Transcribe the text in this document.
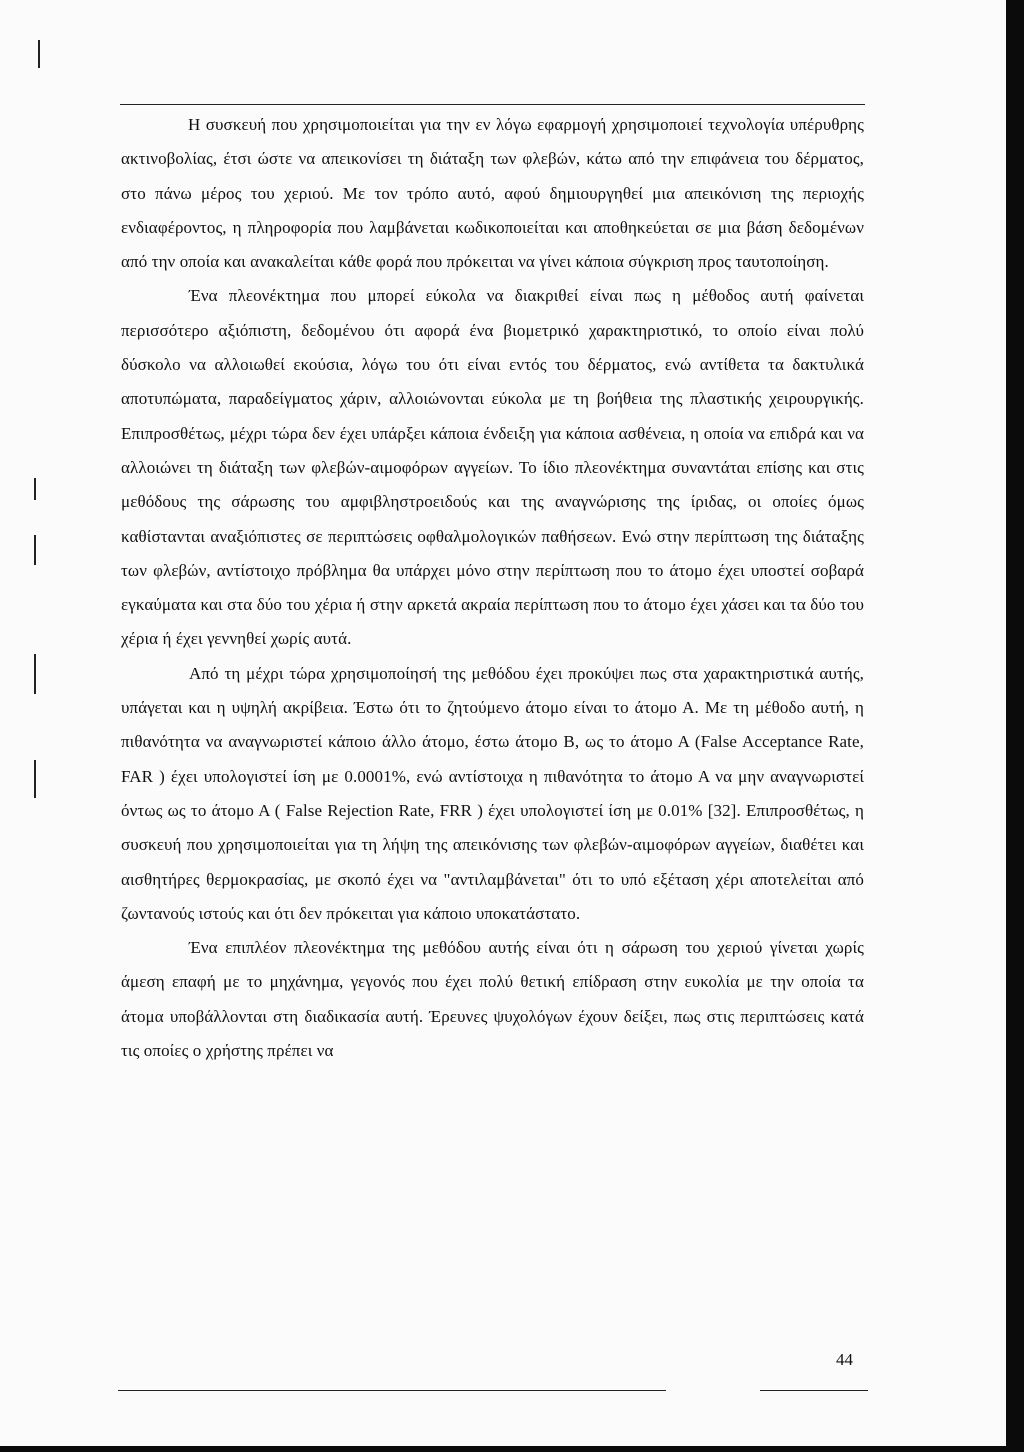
Η συσκευή που χρησιμοποιείται για την εν λόγω εφαρμογή χρησιμοποιεί τεχνολογία υπέρυθρης ακτινοβολίας, έτσι ώστε να απεικονίσει τη διάταξη των φλεβών, κάτω από την επιφάνεια του δέρματος, στο πάνω μέρος του χεριού. Με τον τρόπο αυτό, αφού δημιουργηθεί μια απεικόνιση της περιοχής ενδιαφέροντος, η πληροφορία που λαμβάνεται κωδικοποιείται και αποθηκεύεται σε μια βάση δεδομένων από την οποία και ανακαλείται κάθε φορά που πρόκειται να γίνει κάποια σύγκριση προς ταυτοποίηση.

Ένα πλεονέκτημα που μπορεί εύκολα να διακριθεί είναι πως η μέθοδος αυτή φαίνεται περισσότερο αξιόπιστη, δεδομένου ότι αφορά ένα βιομετρικό χαρακτηριστικό, το οποίο είναι πολύ δύσκολο να αλλοιωθεί εκούσια, λόγω του ότι είναι εντός του δέρματος, ενώ αντίθετα τα δακτυλικά αποτυπώματα, παραδείγματος χάριν, αλλοιώνονται εύκολα με τη βοήθεια της πλαστικής χειρουργικής. Επιπροσθέτως, μέχρι τώρα δεν έχει υπάρξει κάποια ένδειξη για κάποια ασθένεια, η οποία να επιδρά και να αλλοιώνει τη διάταξη των φλεβών-αιμοφόρων αγγείων. Το ίδιο πλεονέκτημα συναντάται επίσης και στις μεθόδους της σάρωσης του αμφιβληστροειδούς και της αναγνώρισης της ίριδας, οι οποίες όμως καθίστανται αναξιόπιστες σε περιπτώσεις οφθαλμολογικών παθήσεων. Ενώ στην περίπτωση της διάταξης των φλεβών, αντίστοιχο πρόβλημα θα υπάρχει μόνο στην περίπτωση που το άτομο έχει υποστεί σοβαρά εγκαύματα και στα δύο του χέρια ή στην αρκετά ακραία περίπτωση που το άτομο έχει χάσει και τα δύο του χέρια ή έχει γεννηθεί χωρίς αυτά.

Από τη μέχρι τώρα χρησιμοποίησή της μεθόδου έχει προκύψει πως στα χαρακτηριστικά αυτής, υπάγεται και η υψηλή ακρίβεια. Έστω ότι το ζητούμενο άτομο είναι το άτομο Α. Με τη μέθοδο αυτή, η πιθανότητα να αναγνωριστεί κάποιο άλλο άτομο, έστω άτομο Β, ως το άτομο Α (False Acceptance Rate, FAR ) έχει υπολογιστεί ίση με 0.0001%, ενώ αντίστοιχα η πιθανότητα το άτομο Α να μην αναγνωριστεί όντως ως το άτομο Α ( False Rejection Rate, FRR ) έχει υπολογιστεί ίση με 0.01% [32]. Επιπροσθέτως, η συσκευή που χρησιμοποιείται για τη λήψη της απεικόνισης των φλεβών-αιμοφόρων αγγείων, διαθέτει και αισθητήρες θερμοκρασίας, με σκοπό έχει να "αντιλαμβάνεται" ότι το υπό εξέταση χέρι αποτελείται από ζωντανούς ιστούς και ότι δεν πρόκειται για κάποιο υποκατάστατο.

Ένα επιπλέον πλεονέκτημα της μεθόδου αυτής είναι ότι η σάρωση του χεριού γίνεται χωρίς άμεση επαφή με το μηχάνημα, γεγονός που έχει πολύ θετική επίδραση στην ευκολία με την οποία τα άτομα υποβάλλονται στη διαδικασία αυτή. Έρευνες ψυχολόγων έχουν δείξει, πως στις περιπτώσεις κατά τις οποίες ο χρήστης πρέπει να

44
